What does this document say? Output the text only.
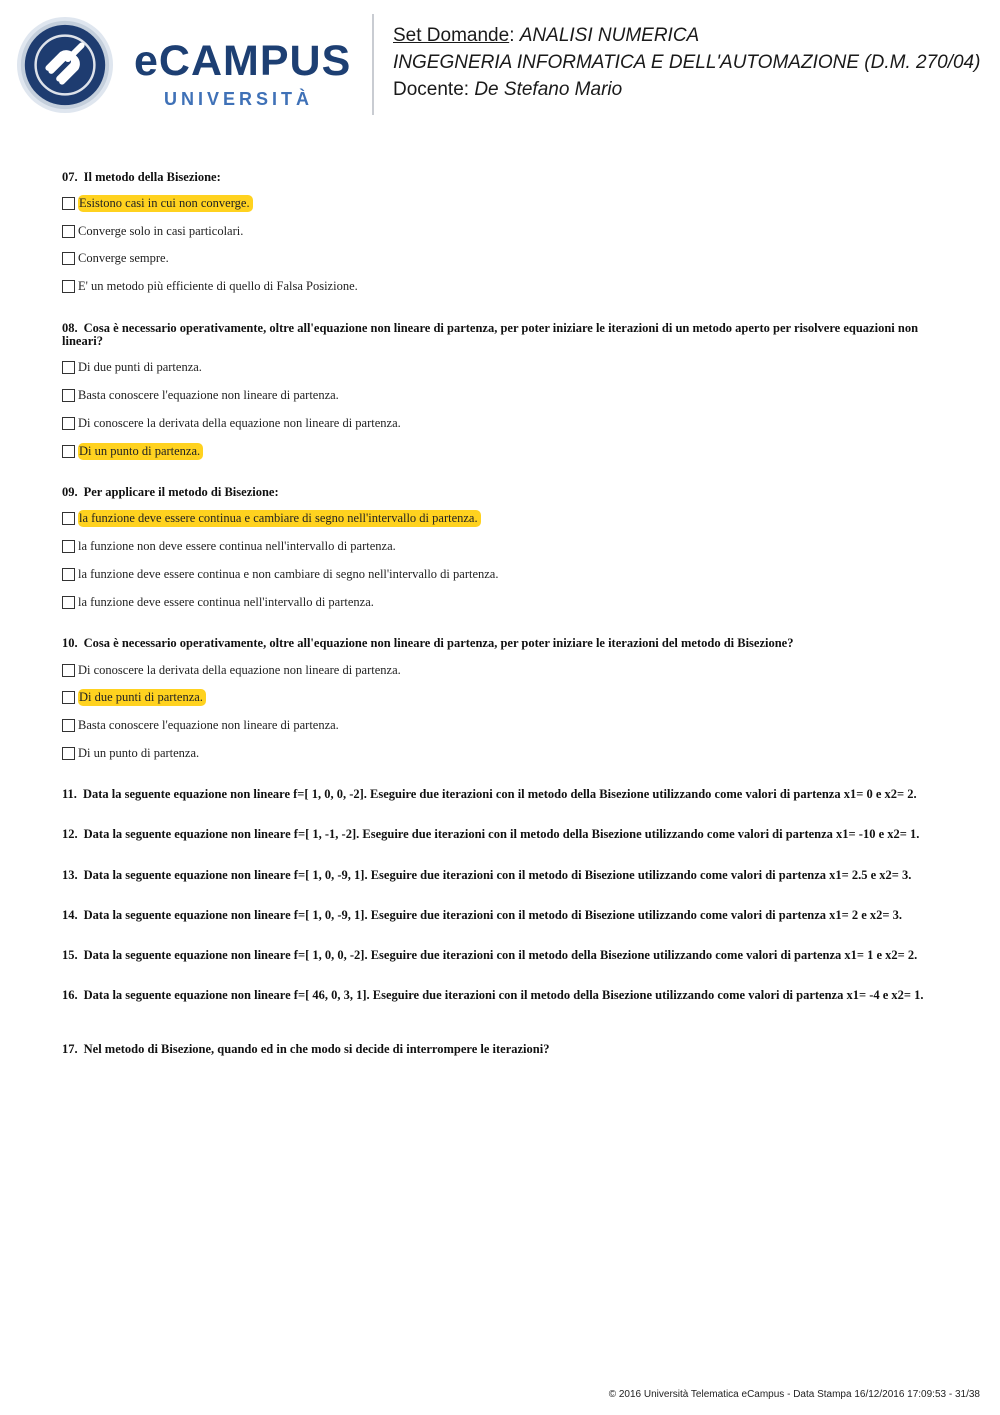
eCAMPUS
UNIVERSITÀ
Set Domande: ANALISI NUMERICA
INGEGNERIA INFORMATICA E DELL'AUTOMAZIONE (D.M. 270/04)
Docente: De Stefano Mario
07. Il metodo della Bisezione:
Esistono casi in cui non converge.
Converge solo in casi particolari.
Converge sempre.
E' un metodo più efficiente di quello di Falsa Posizione.
08. Cosa è necessario operativamente, oltre all'equazione non lineare di partenza, per poter iniziare le iterazioni di un metodo aperto per risolvere equazioni non lineari?
Di due punti di partenza.
Basta conoscere l'equazione non lineare di partenza.
Di conoscere la derivata della equazione non lineare di partenza.
Di un punto di partenza.
09. Per applicare il metodo di Bisezione:
la funzione deve essere continua e cambiare di segno nell'intervallo di partenza.
la funzione non deve essere continua nell'intervallo di partenza.
la funzione deve essere continua e non cambiare di segno nell'intervallo di partenza.
la funzione deve essere continua nell'intervallo di partenza.
10. Cosa è necessario operativamente, oltre all'equazione non lineare di partenza, per poter iniziare le iterazioni del metodo di Bisezione?
Di conoscere la derivata della equazione non lineare di partenza.
Di due punti di partenza.
Basta conoscere l'equazione non lineare di partenza.
Di un punto di partenza.
11. Data la seguente equazione non lineare f=[ 1, 0, 0, -2]. Eseguire due iterazioni con il metodo della Bisezione utilizzando come valori di partenza x1= 0 e x2= 2.
12. Data la seguente equazione non lineare f=[ 1, -1, -2]. Eseguire due iterazioni con il metodo della Bisezione utilizzando come valori di partenza x1= -10 e x2= 1.
13. Data la seguente equazione non lineare f=[ 1, 0, -9, 1]. Eseguire due iterazioni con il metodo di Bisezione utilizzando come valori di partenza x1= 2.5 e x2= 3.
14. Data la seguente equazione non lineare f=[ 1, 0, -9, 1]. Eseguire due iterazioni con il metodo di Bisezione utilizzando come valori di partenza x1= 2 e x2= 3.
15. Data la seguente equazione non lineare f=[ 1, 0, 0, -2]. Eseguire due iterazioni con il metodo della Bisezione utilizzando come valori di partenza x1= 1 e x2= 2.
16. Data la seguente equazione non lineare f=[ 46, 0, 3, 1]. Eseguire due iterazioni con il metodo della Bisezione utilizzando come valori di partenza x1= -4 e x2= 1.
17. Nel metodo di Bisezione, quando ed in che modo si decide di interrompere le iterazioni?
© 2016 Università Telematica eCampus - Data Stampa 16/12/2016 17:09:53 - 31/38
